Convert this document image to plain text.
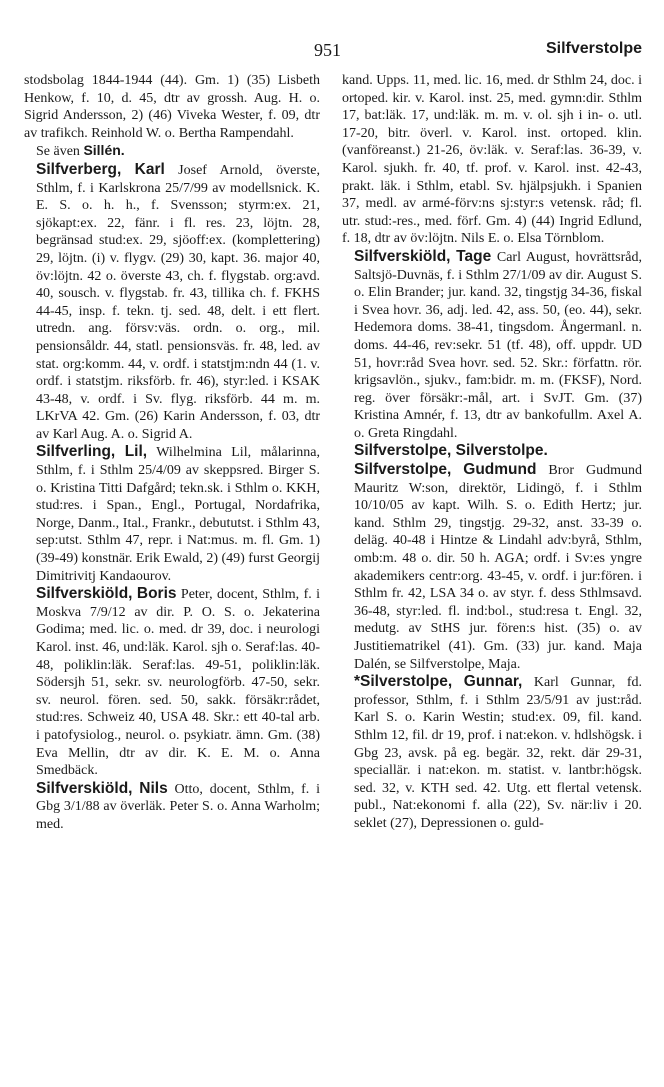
951	Silfverstolpe

stodsbolag 1844-1944 (44). Gm. 1) (35) Lisbeth Henkow, f. 10, d. 45, dtr av grossh. Aug. H. o. Sigrid Andersson, 2) (46) Viveka Wester, f. 09, dtr av trafikch. Reinhold W. o. Bertha Rampendahl.

Se även Sillén.

Silfverberg, Karl Josef Arnold, överste, Sthlm, f. i Karlskrona 25/7/99 av modellsnick. K. E. S. o. h. h., f. Svensson; styrm:ex. 21, sjökapt:ex. 22, fänr. i fl. res. 23, löjtn. 28, begränsad stud:ex. 29, sjöoff:ex. (komplettering) 29, löjtn. (i) v. flygv. (29) 30, kapt. 36. major 40, öv:löjtn. 42 o. överste 43, ch. f. flygstab. org:avd. 40, sousch. v. flygstab. fr. 43, tillika ch. f. FKHS 44-45, insp. f. tekn. tj. sed. 48, delt. i ett flert. utredn. ang. försv:väs. ordn. o. org., mil. pensionsåldr. 44, statl. pensionsväs. fr. 48, led. av stat. org:komm. 44, v. ordf. i statstjm:ndn 44 (1. v. ordf. i statstjm. riksförb. fr. 46), styr:led. i KSAK 43-48, v. ordf. i Sv. flyg. riksförb. 44 m. m. LKrVA 42. Gm. (26) Karin Andersson, f. 03, dtr av Karl Aug. A. o. Sigrid A.

Silfverling, Lil, Wilhelmina Lil, målarinna, Sthlm, f. i Sthlm 25/4/09 av skeppsred. Birger S. o. Kristina Titti Dafgård; tekn.sk. i Sthlm o. KKH, stud:res. i Span., Engl., Portugal, Nordafrika, Norge, Danm., Ital., Frankr., debututst. i Sthlm 43, sep:utst. Sthlm 47, repr. i Nat:mus. m. fl. Gm. 1) (39-49) konstnär. Erik Ewald, 2) (49) furst Georgij Dimitrivitj Kandaourov.

Silfverskiöld, Boris Peter, docent, Sthlm, f. i Moskva 7/9/12 av dir. P. O. S. o. Jekaterina Godima; med. lic. o. med. dr 39, doc. i neurologi Karol. inst. 46, und:läk. Karol. sjh o. Seraf:las. 40-48, poliklin:läk. Seraf:las. 49-51, poliklin:läk. Södersjh 51, sekr. sv. neurologförb. 47-50, sekr. sv. neurol. fören. sed. 50, sakk. försäkr:rådet, stud:res. Schweiz 40, USA 48. Skr.: ett 40-tal arb. i patofysiolog., neurol. o. psykiatr. ämn. Gm. (38) Eva Mellin, dtr av dir. K. E. M. o. Anna Smedbäck.

Silfverskiöld, Nils Otto, docent, Sthlm, f. i Gbg 3/1/88 av överläk. Peter S. o. Anna Warholm; med.

kand. Upps. 11, med. lic. 16, med. dr Sthlm 24, doc. i ortoped. kir. v. Karol. inst. 25, med. gymn:dir. Sthlm 17, bat:läk. 17, und:läk. m. m. v. ol. sjh i in- o. utl. 17-20, bitr. överl. v. Karol. inst. ortoped. klin. (vanföreanst.) 21-26, öv:läk. v. Seraf:las. 36-39, v. Karol. sjukh. fr. 40, tf. prof. v. Karol. inst. 42-43, prakt. läk. i Sthlm, etabl. Sv. hjälpsjukh. i Spanien 37, medl. av armé-förv:ns sj:styr:s vetensk. råd; fl. utr. stud:-res., med. förf. Gm. 4) (44) Ingrid Edlund, f. 18, dtr av öv:löjtn. Nils E. o. Elsa Törnblom.

Silfverskiöld, Tage Carl August, hovrättsråd, Saltsjö-Duvnäs, f. i Sthlm 27/1/09 av dir. August S. o. Elin Brander; jur. kand. 32, tingstjg 34-36, fiskal i Svea hovr. 36, adj. led. 42, ass. 50, (eo. 44), sekr. Hedemora doms. 38-41, tingsdom. Ångermanl. n. doms. 44-46, rev:sekr. 51 (tf. 48), off. uppdr. UD 51, hovr:råd Svea hovr. sed. 52. Skr.: författn. rör. krigsavlön., sjukv., fam:bidr. m. m. (FKSF), Nord. reg. över försäkr:-mål, art. i SvJT. Gm. (37) Kristina Amnér, f. 13, dtr av bankofullm. Axel A. o. Greta Ringdahl.

Silfverstolpe, Silverstolpe.

Silfverstolpe, Gudmund Bror Gudmund Mauritz W:son, direktör, Lidingö, f. i Sthlm 10/10/05 av kapt. Wilh. S. o. Edith Hertz; jur. kand. Sthlm 29, tingstjg. 29-32, anst. 33-39 o. deläg. 40-48 i Hintze & Lindahl adv:byrå, Sthlm, omb:m. 48 o. dir. 50 h. AGA; ordf. i Sv:es yngre akademikers centr:org. 43-45, v. ordf. i jur:fören. i Sthlm fr. 42, LSA 34 o. av styr. f. dess Sthlmsavd. 36-48, styr:led. fl. ind:bol., stud:resa t. Engl. 32, medutg. av StHS jur. fören:s hist. (35) o. av Justitiematrikel (41). Gm. (33) jur. kand. Maja Dalén, se Silfverstolpe, Maja.

*Silverstolpe, Gunnar, Karl Gunnar, fd. professor, Sthlm, f. i Sthlm 23/5/91 av just:råd. Karl S. o. Karin Westin; stud:ex. 09, fil. kand. Sthlm 12, fil. dr 19, prof. i nat:ekon. v. hdlshögsk. i Gbg 23, avsk. på eg. begär. 32, rekt. där 29-31, speciallär. i nat:ekon. m. statist. v. lantbr:högsk. sed. 32, v. KTH sed. 42. Utg. ett flertal vetensk. publ., Nat:ekonomi f. alla (22), Sv. när:liv i 20. seklet (27), Depressionen o. guld-
